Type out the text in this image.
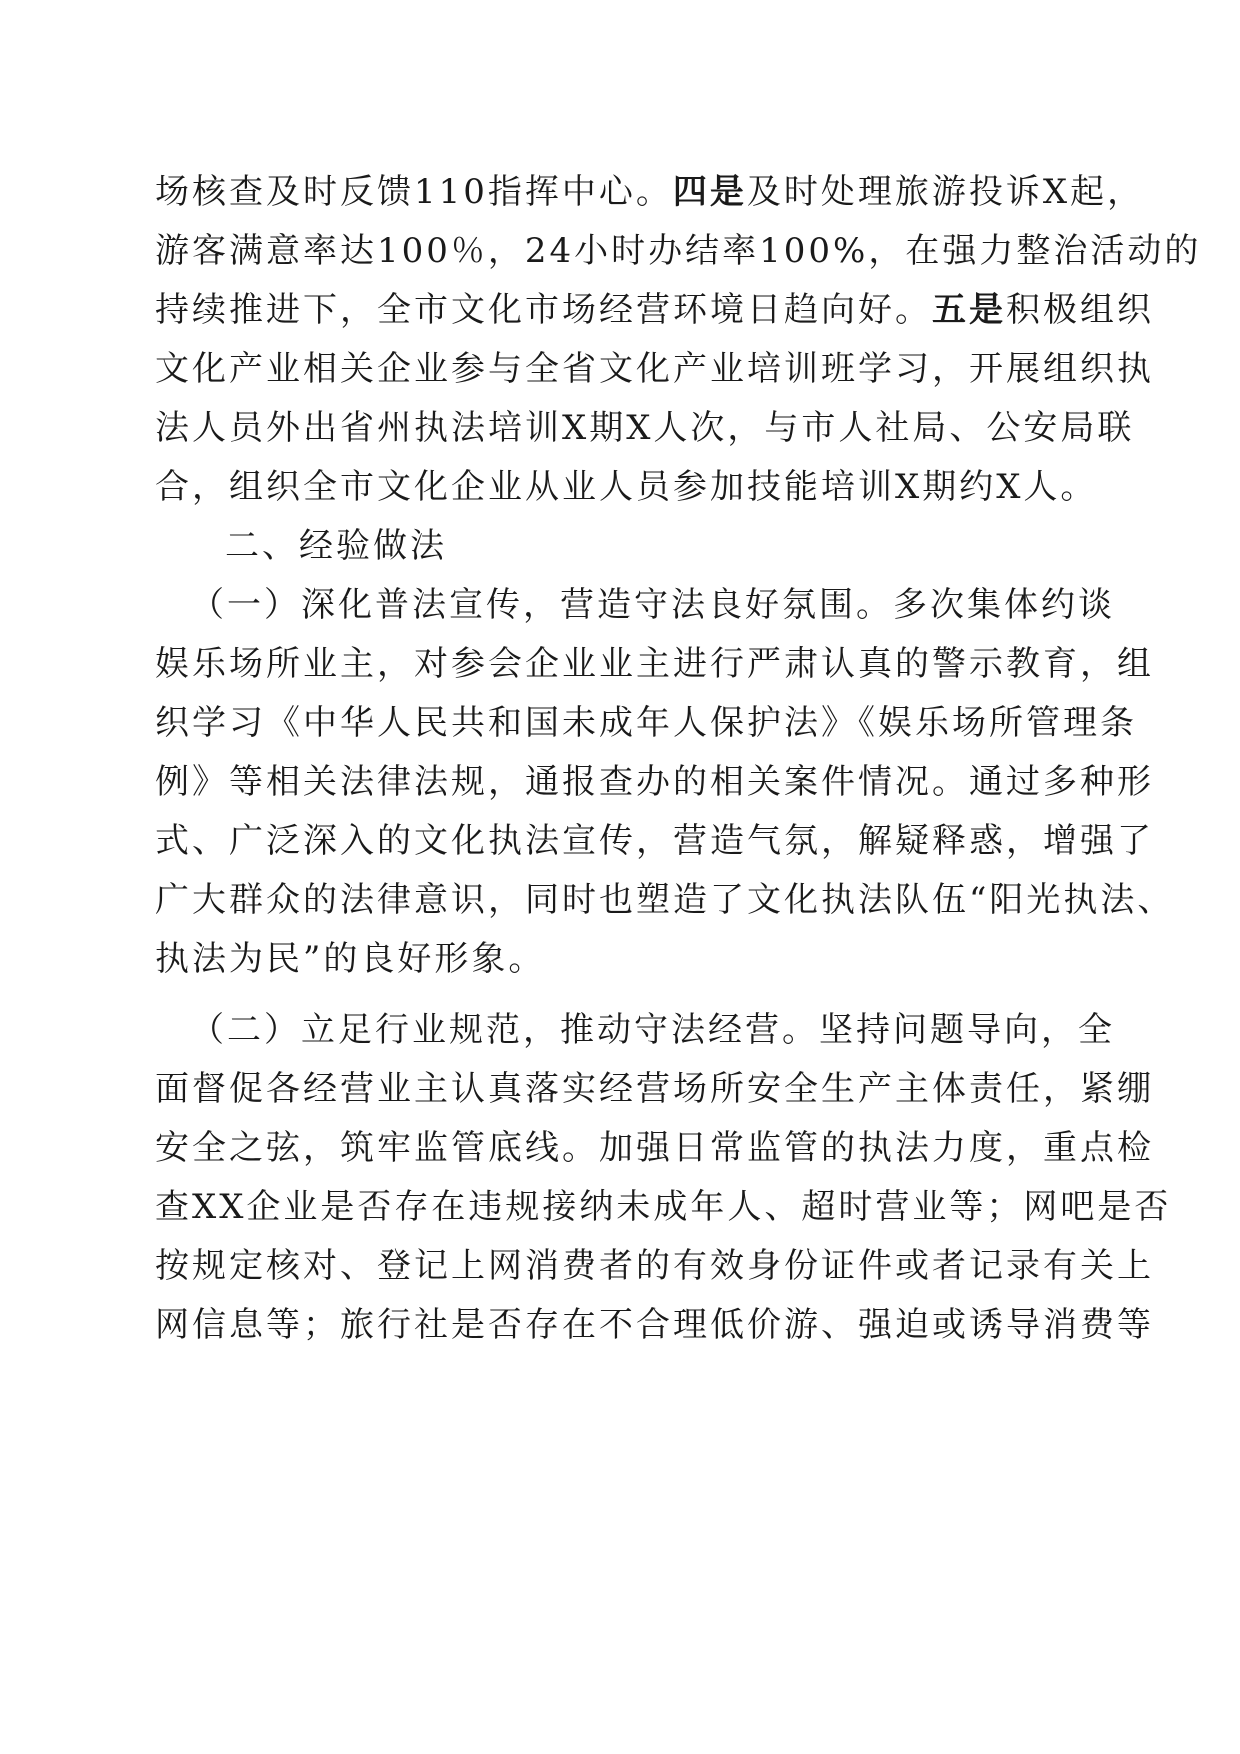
场核查及时反馈110指挥中心。四是及时处理旅游投诉X起，
游客满意率达100％，24小时办结率100%，在强力整治活动的
持续推进下，全市文化市场经营环境日趋向好。五是积极组织
文化产业相关企业参与全省文化产业培训班学习，开展组织执
法人员外出省州执法培训X期X人次，与市人社局、公安局联
合，组织全市文化企业从业人员参加技能培训X期约X人。
二、经验做法
（一）深化普法宣传，营造守法良好氛围。多次集体约谈
娱乐场所业主，对参会企业业主进行严肃认真的警示教育，组
织学习《中华人民共和国未成年人保护法》《娱乐场所管理条
例》等相关法律法规，通报查办的相关案件情况。通过多种形
式、广泛深入的文化执法宣传，营造气氛，解疑释惑，增强了
广大群众的法律意识，同时也塑造了文化执法队伍“阳光执法、
执法为民”的良好形象。
（二）立足行业规范，推动守法经营。坚持问题导向，全
面督促各经营业主认真落实经营场所安全生产主体责任，紧绷
安全之弦，筑牢监管底线。加强日常监管的执法力度，重点检
查XX企业是否存在违规接纳未成年人、超时营业等；网吧是否
按规定核对、登记上网消费者的有效身份证件或者记录有关上
网信息等；旅行社是否存在不合理低价游、强迫或诱导消费等
